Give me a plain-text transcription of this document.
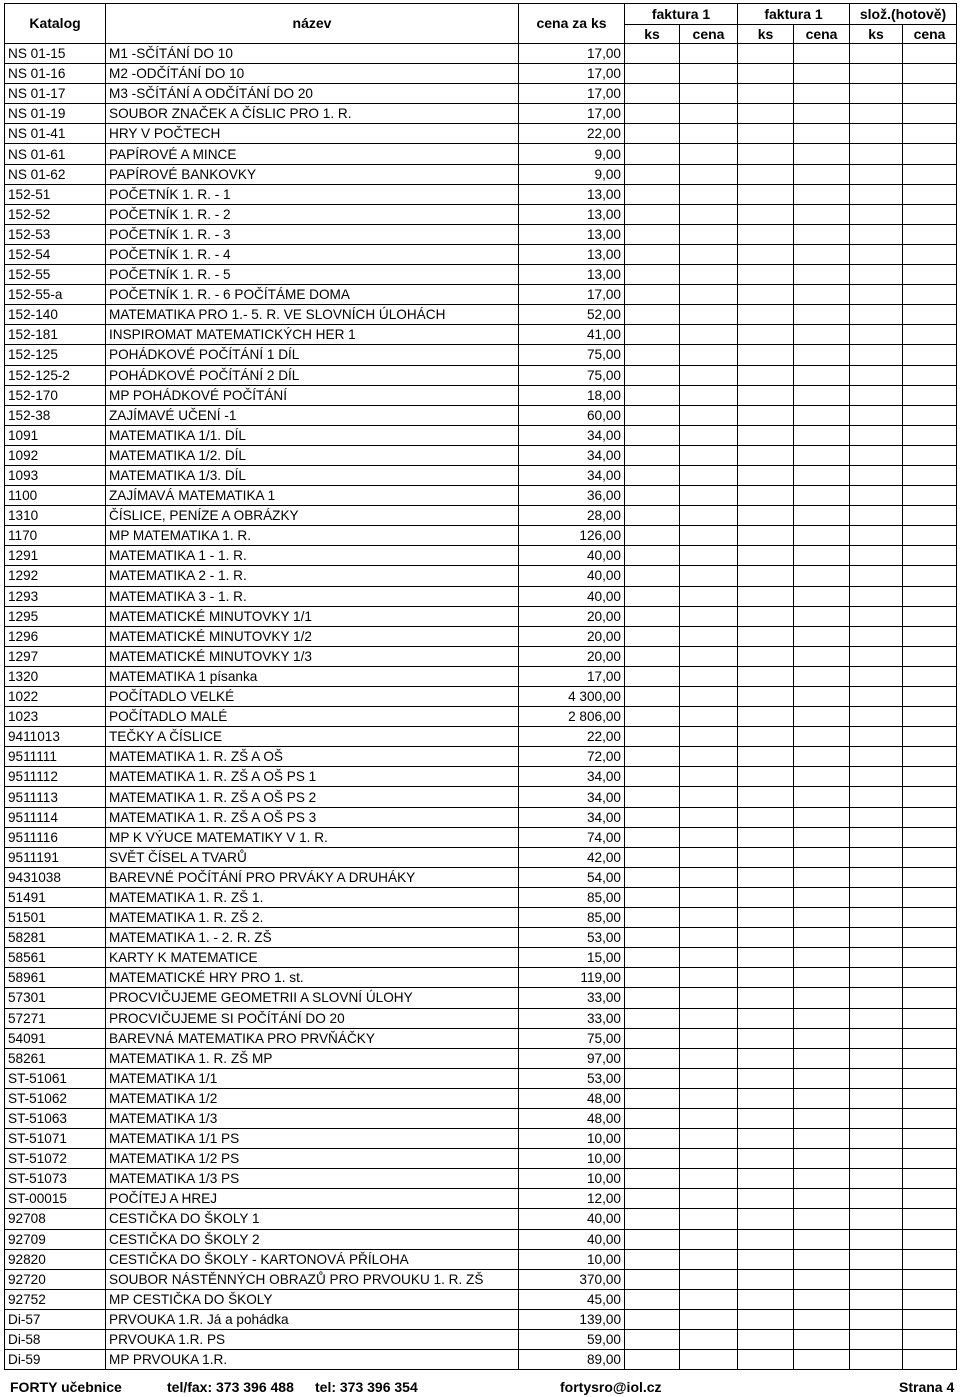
Katalog	název	cena za ks	faktura 1		faktura 1		slož.(hotově)	
			ks	cena	ks	cena	ks	cena
NS 01-15	M1 -SČÍTÁNÍ DO 10	17,00						
NS 01-16	M2 -ODČÍTÁNÍ DO 10	17,00						
NS 01-17	M3 -SČÍTÁNÍ A ODČÍTÁNÍ DO 20	17,00						
NS 01-19	SOUBOR ZNAČEK A ČÍSLIC PRO 1. R.	17,00						
NS 01-41	HRY V POČTECH	22,00						
NS 01-61	PAPÍROVÉ A MINCE	9,00						
NS 01-62	PAPÍROVÉ BANKOVKY	9,00						
152-51	POČETNÍK 1. R. - 1	13,00						
152-52	POČETNÍK 1. R. - 2	13,00						
152-53	POČETNÍK 1. R. - 3	13,00						
152-54	POČETNÍK 1. R. - 4	13,00						
152-55	POČETNÍK 1. R. - 5	13,00						
152-55-a	POČETNÍK 1. R. - 6 POČÍTÁME DOMA	17,00						
152-140	MATEMATIKA PRO 1.- 5. R. VE SLOVNÍCH ÚLOHÁCH	52,00						
152-181	INSPIROMAT MATEMATICKÝCH HER 1	41,00						
152-125	POHÁDKOVÉ POČÍTÁNÍ 1 DÍL	75,00						
152-125-2	POHÁDKOVÉ POČÍTÁNÍ 2 DÍL	75,00						
152-170	MP POHÁDKOVÉ POČÍTÁNÍ	18,00						
152-38	ZAJÍMAVÉ UČENÍ -1	60,00						
1091	MATEMATIKA 1/1. DÍL	34,00						
1092	MATEMATIKA 1/2. DÍL	34,00						
1093	MATEMATIKA 1/3. DÍL	34,00						
1100	ZAJÍMAVÁ MATEMATIKA 1	36,00						
1310	ČÍSLICE, PENÍZE A OBRÁZKY	28,00						
1170	MP MATEMATIKA 1. R.	126,00						
1291	MATEMATIKA 1 - 1. R.	40,00						
1292	MATEMATIKA 2 - 1. R.	40,00						
1293	MATEMATIKA 3 - 1. R.	40,00						
1295	MATEMATICKÉ MINUTOVKY 1/1	20,00						
1296	MATEMATICKÉ MINUTOVKY 1/2	20,00						
1297	MATEMATICKÉ MINUTOVKY 1/3	20,00						
1320	MATEMATIKA 1 písanka	17,00						
1022	POČÍTADLO VELKÉ	4 300,00						
1023	POČÍTADLO MALÉ	2 806,00						
9411013	TEČKY A ČÍSLICE	22,00						
9511111	MATEMATIKA 1. R. ZŠ A OŠ	72,00						
9511112	MATEMATIKA 1. R. ZŠ A OŠ PS 1	34,00						
9511113	MATEMATIKA 1. R. ZŠ A OŠ PS 2	34,00						
9511114	MATEMATIKA 1. R. ZŠ A OŠ PS 3	34,00						
9511116	MP K VÝUCE MATEMATIKY V 1. R.	74,00						
9511191	SVĚT ČÍSEL A TVARŮ	42,00						
9431038	BAREVNÉ POČÍTÁNÍ PRO PRVÁKY A DRUHÁKY	54,00						
51491	MATEMATIKA 1. R. ZŠ 1.	85,00						
51501	MATEMATIKA 1. R. ZŠ 2.	85,00						
58281	MATEMATIKA 1. - 2. R. ZŠ	53,00						
58561	KARTY K MATEMATICE	15,00						
58961	MATEMATICKÉ HRY PRO 1. st.	119,00						
57301	PROCVIČUJEME GEOMETRII A SLOVNÍ ÚLOHY	33,00						
57271	PROCVIČUJEME SI POČÍTÁNÍ DO 20	33,00						
54091	BAREVNÁ MATEMATIKA PRO PRVŇÁČKY	75,00						
58261	MATEMATIKA 1. R. ZŠ MP	97,00						
ST-51061	MATEMATIKA 1/1	53,00						
ST-51062	MATEMATIKA 1/2	48,00						
ST-51063	MATEMATIKA 1/3	48,00						
ST-51071	MATEMATIKA 1/1 PS	10,00						
ST-51072	MATEMATIKA 1/2 PS	10,00						
ST-51073	MATEMATIKA 1/3 PS	10,00						
ST-00015	POČÍTEJ A HREJ	12,00						
92708	CESTIČKA DO ŠKOLY 1	40,00						
92709	CESTIČKA DO ŠKOLY 2	40,00						
92820	CESTIČKA DO ŠKOLY - KARTONOVÁ PŘÍLOHA	10,00						
92720	SOUBOR NÁSTĚNNÝCH OBRAZŮ PRO PRVOUKU 1. R. ZŠ	370,00						
92752	MP CESTIČKA DO ŠKOLY	45,00						
Di-57	PRVOUKA 1.R. Já a pohádka	139,00						
Di-58	PRVOUKA 1.R. PS	59,00						
Di-59	MP PRVOUKA 1.R.	89,00						
FORTY učebnice	tel/fax: 373 396 488 tel: 373 396 354	fortysro@iol.cz	Strana 4
